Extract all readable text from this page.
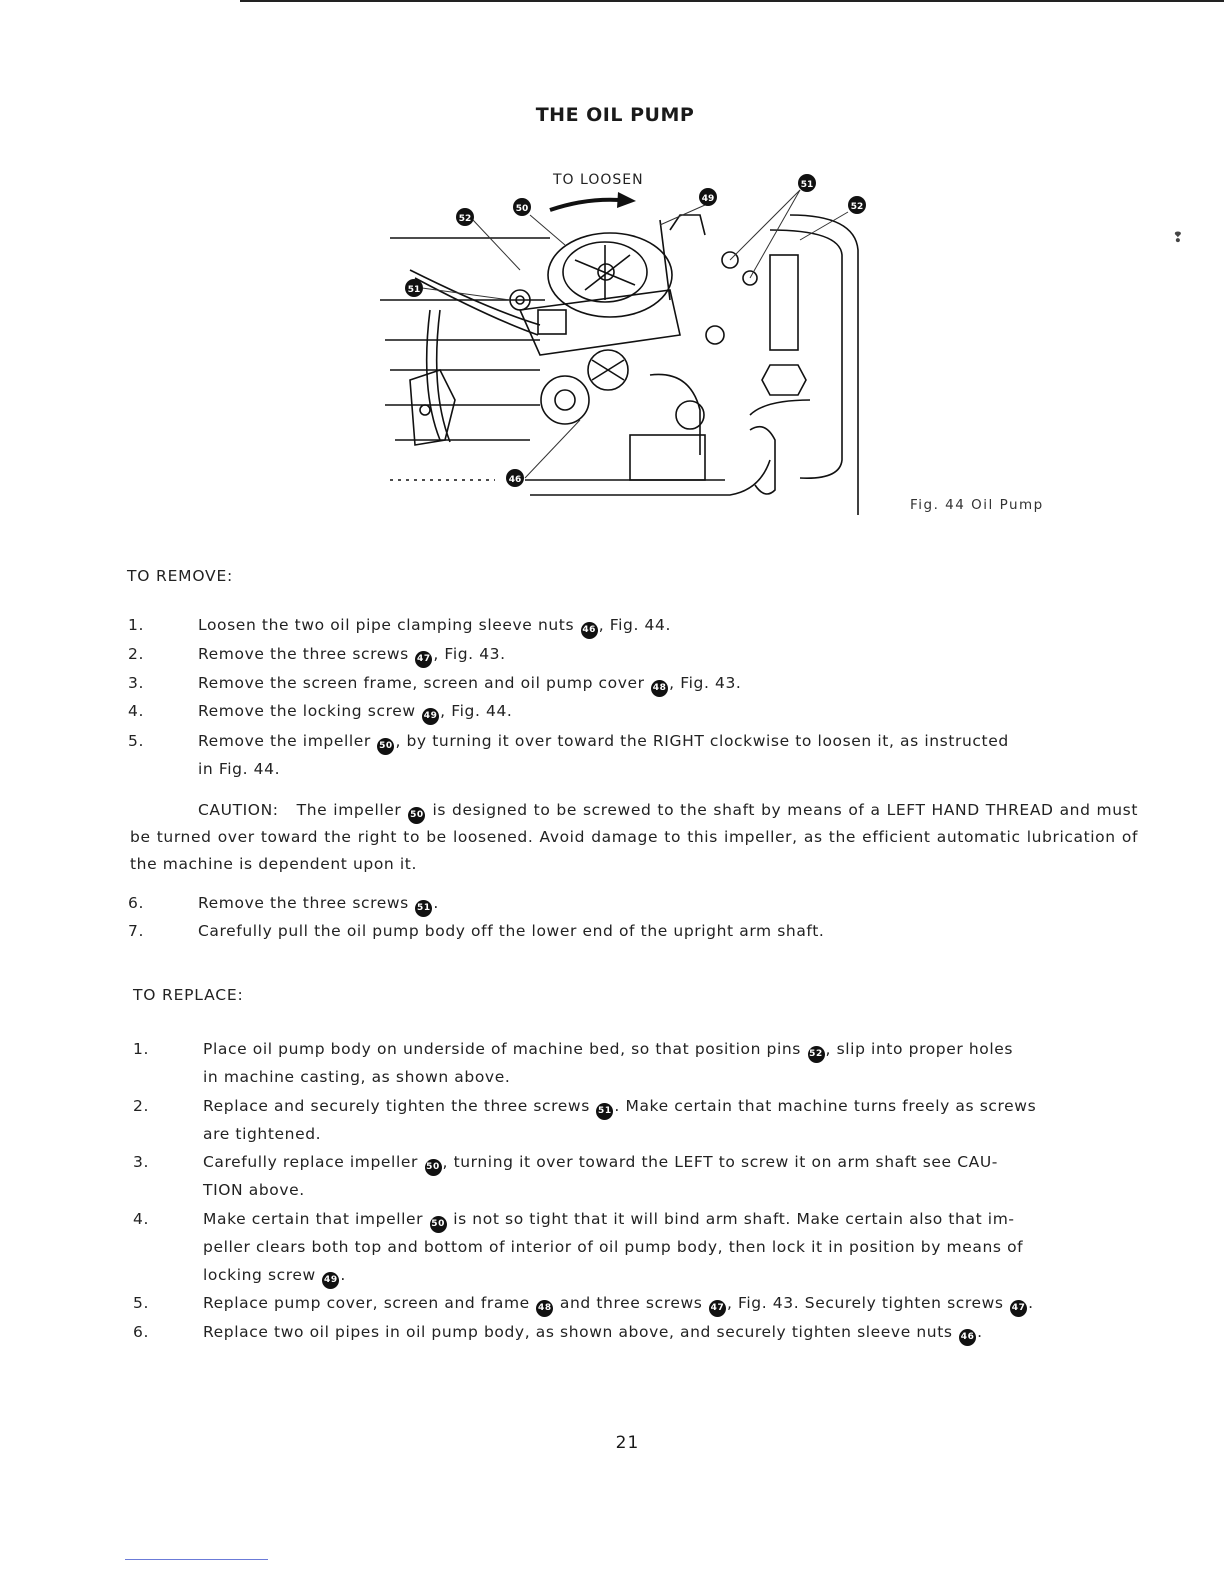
THE OIL PUMP
TO LOOSEN
52
50
49
51
52
51
46
Fig. 44 Oil Pump
❢
TO REMOVE:
1.	Loosen the two oil pipe clamping sleeve nuts 46 , Fig. 44.
2.	Remove the three screws 47 , Fig. 43.
3.	Remove the screen frame, screen and oil pump cover 48 , Fig. 43.
4.	Remove the locking screw 49 , Fig. 44.
5.	Remove the impeller 50 , by turning it over toward the RIGHT clockwise to loosen it, as instructed
in Fig. 44.
CAUTION: The impeller 50 is designed to be screwed to the shaft by means of a LEFT HAND THREAD and must be turned over toward the right to be loosened. Avoid damage to this impeller, as the efficient automatic lubrication of the machine is dependent upon it.
6.	Remove the three screws 51 .
7.	Carefully pull the oil pump body off the lower end of the upright arm shaft.
TO REPLACE:
1.	Place oil pump body on underside of machine bed, so that position pins 52 , slip into proper holes
in machine casting, as shown above.
2.	Replace and securely tighten the three screws 51 . Make certain that machine turns freely as screws
are tightened.
3.	Carefully replace impeller 50 , turning it over toward the LEFT to screw it on arm shaft see CAU-
TION above.
4.	Make certain that impeller 50 is not so tight that it will bind arm shaft. Make certain also that im-
peller clears both top and bottom of interior of oil pump body, then lock it in position by means of
locking screw 49 .
5.	Replace pump cover, screen and frame 48 and three screws 47 , Fig. 43. Securely tighten screws 47 .
6.	Replace two oil pipes in oil pump body, as shown above, and securely tighten sleeve nuts 46 .
21
